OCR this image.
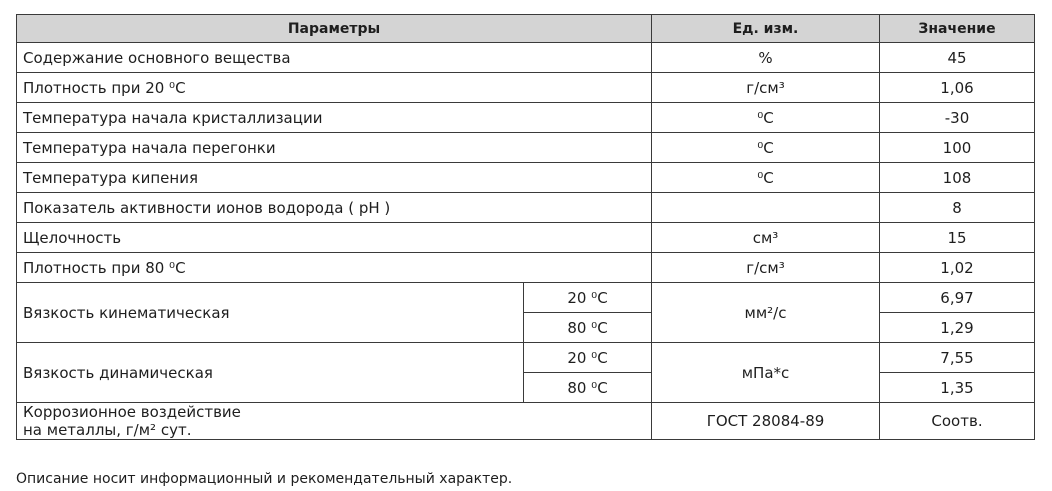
Параметры		Ед. изм.	Значение
Содержание основного вещества		%	45
Плотность при 20 ⁰С		г/см³	1,06
Температура начала кристаллизации		⁰С	-30
Температура начала перегонки		⁰С	100
Температура кипения		⁰С	108
Показатель активности ионов водорода ( pH )			8
Щелочность		см³	15
Плотность при 80 ⁰С		г/см³	1,02
Вязкость кинематическая	20 ⁰С	мм²/с	6,97
	80 ⁰С		1,29
Вязкость динамическая	20 ⁰С	мПа*с	7,55
	80 ⁰С		1,35

Коррозионное воздействие
на металлы, г/м² сут.		ГОСТ 28084-89	Соотв.
Описание носит информационный и рекомендательный характер.
